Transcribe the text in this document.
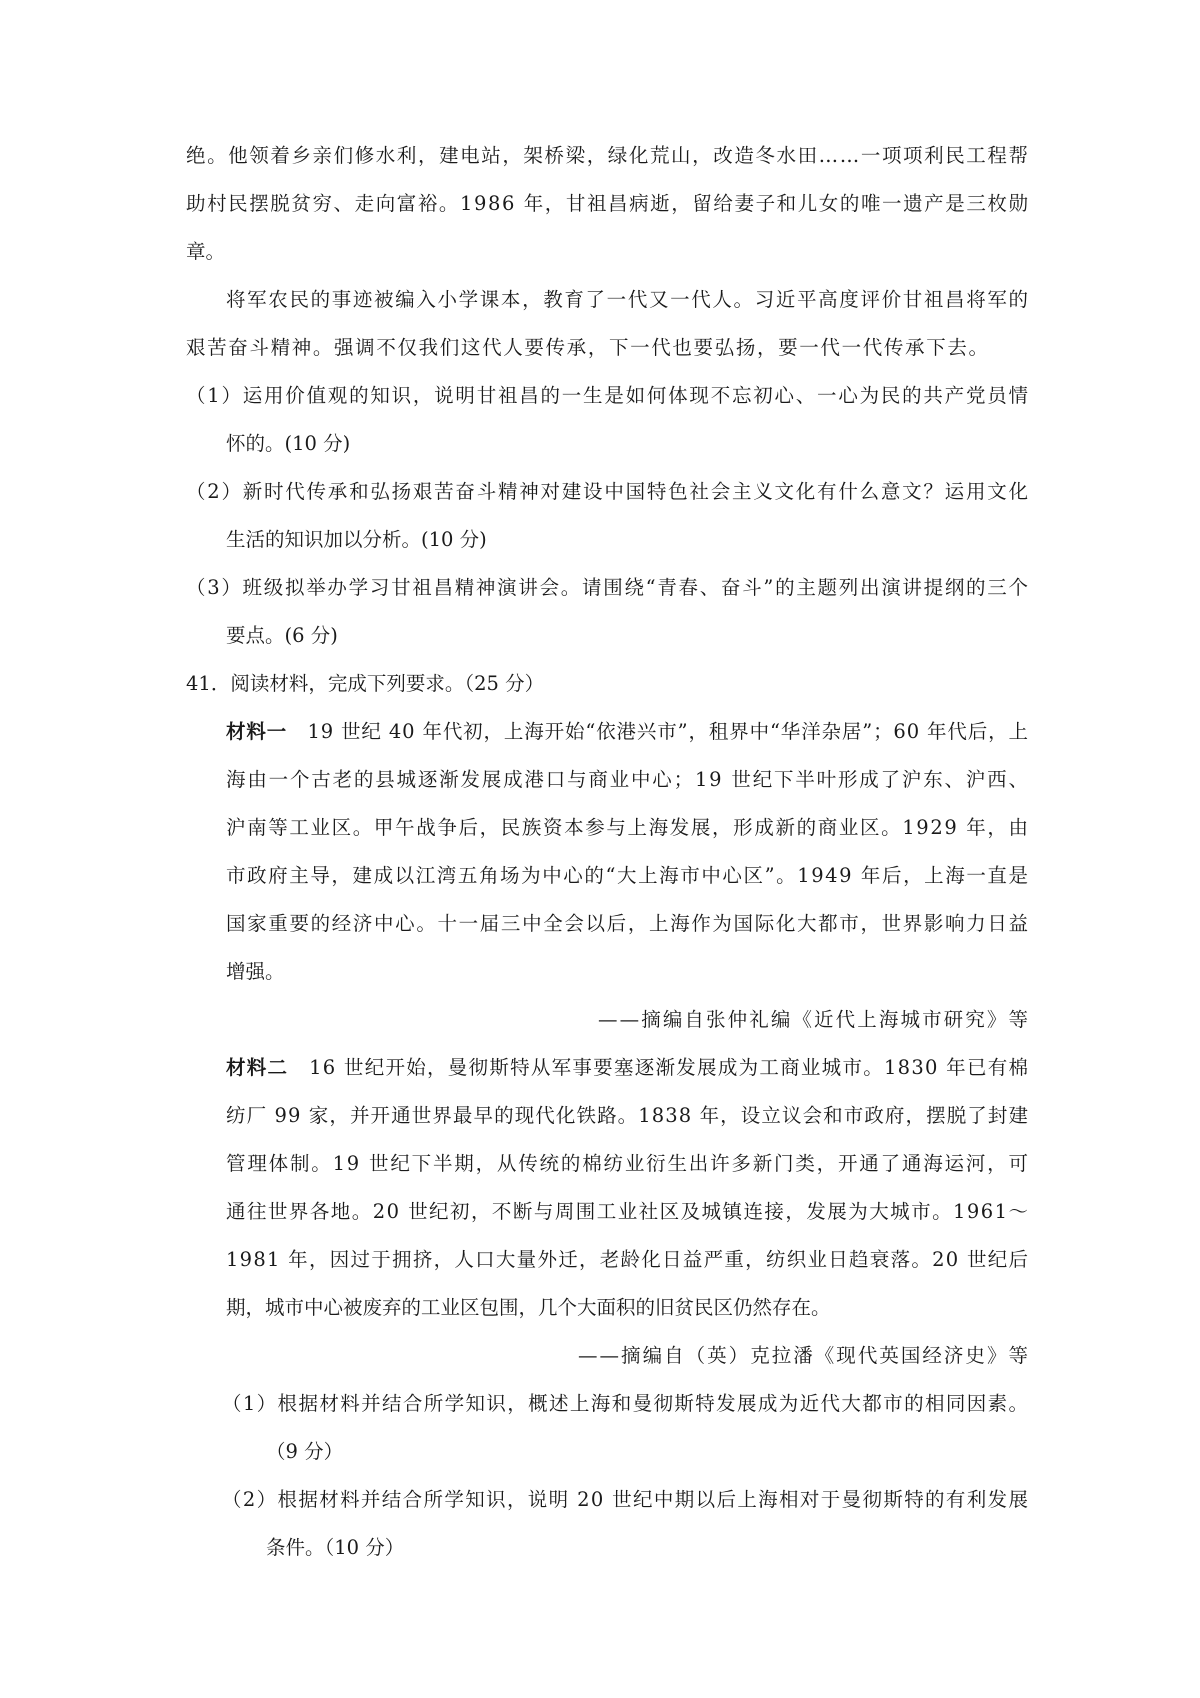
绝。他领着乡亲们修水利，建电站，架桥梁，绿化荒山，改造冬水田……一项项利民工程帮
助村民摆脱贫穷、走向富裕。1986 年，甘祖昌病逝，留给妻子和儿女的唯一遗产是三枚勋
章。
将军农民的事迹被编入小学课本，教育了一代又一代人。习近平高度评价甘祖昌将军的
艰苦奋斗精神。强调不仅我们这代人要传承，下一代也要弘扬，要一代一代传承下去。
（1）运用价值观的知识，说明甘祖昌的一生是如何体现不忘初心、一心为民的共产党员情
怀的。(10 分)
（2）新时代传承和弘扬艰苦奋斗精神对建设中国特色社会主义文化有什么意文？运用文化
生活的知识加以分析。(10 分)
（3）班级拟举办学习甘祖昌精神演讲会。请围绕“青春、奋斗”的主题列出演讲提纲的三个
要点。(6 分)
41．阅读材料，完成下列要求。（25 分）
材料一　19 世纪 40 年代初，上海开始“依港兴市”，租界中“华洋杂居”；60 年代后，上
海由一个古老的县城逐渐发展成港口与商业中心；19 世纪下半叶形成了沪东、沪西、
沪南等工业区。甲午战争后，民族资本参与上海发展，形成新的商业区。1929 年，由
市政府主导，建成以江湾五角场为中心的“大上海市中心区”。1949 年后，上海一直是
国家重要的经济中心。十一届三中全会以后，上海作为国际化大都市，世界影响力日益
增强。
——摘编自张仲礼编《近代上海城市研究》等
材料二　16 世纪开始，曼彻斯特从军事要塞逐渐发展成为工商业城市。1830 年已有棉
纺厂 99 家，并开通世界最早的现代化铁路。1838 年，设立议会和市政府，摆脱了封建
管理体制。19 世纪下半期，从传统的棉纺业衍生出许多新门类，开通了通海运河，可
通往世界各地。20 世纪初，不断与周围工业社区及城镇连接，发展为大城市。1961～
1981 年，因过于拥挤，人口大量外迁，老龄化日益严重，纺织业日趋衰落。20 世纪后
期，城市中心被废弃的工业区包围，几个大面积的旧贫民区仍然存在。
——摘编自（英）克拉潘《现代英国经济史》等
（1）根据材料并结合所学知识，概述上海和曼彻斯特发展成为近代大都市的相同因素。
（9 分）
（2）根据材料并结合所学知识，说明 20 世纪中期以后上海相对于曼彻斯特的有利发展
条件。（10 分）
